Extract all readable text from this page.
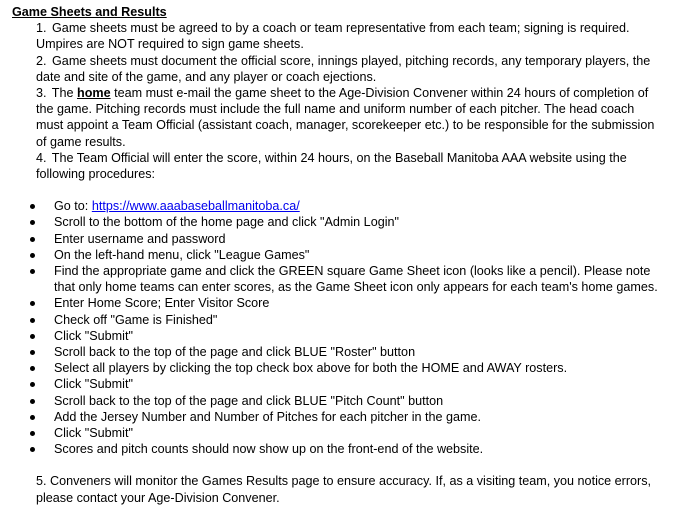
Game Sheets and Results
1. Game sheets must be agreed to by a coach or team representative from each team; signing is required. Umpires are NOT required to sign game sheets.
2. Game sheets must document the official score, innings played, pitching records, any temporary players, the date and site of the game, and any player or coach ejections.
3. The home team must e-mail the game sheet to the Age-Division Convener within 24 hours of completion of the game. Pitching records must include the full name and uniform number of each pitcher. The head coach must appoint a Team Official (assistant coach, manager, scorekeeper etc.) to be responsible for the submission of game results.
4. The Team Official will enter the score, within 24 hours, on the Baseball Manitoba AAA website using the following procedures:
Go to: https://www.aaabaseballmanitoba.ca/
Scroll to the bottom of the home page and click "Admin Login"
Enter username and password
On the left-hand menu, click "League Games"
Find the appropriate game and click the GREEN square Game Sheet icon (looks like a pencil). Please note that only home teams can enter scores, as the Game Sheet icon only appears for each team's home games.
Enter Home Score; Enter Visitor Score
Check off "Game is Finished"
Click "Submit"
Scroll back to the top of the page and click BLUE "Roster" button
Select all players by clicking the top check box above for both the HOME and AWAY rosters.
Click "Submit"
Scroll back to the top of the page and click BLUE "Pitch Count" button
Add the Jersey Number and Number of Pitches for each pitcher in the game.
Click "Submit"
Scores and pitch counts should now show up on the front-end of the website.
5. Conveners will monitor the Games Results page to ensure accuracy. If, as a visiting team, you notice errors, please contact your Age-Division Convener.
